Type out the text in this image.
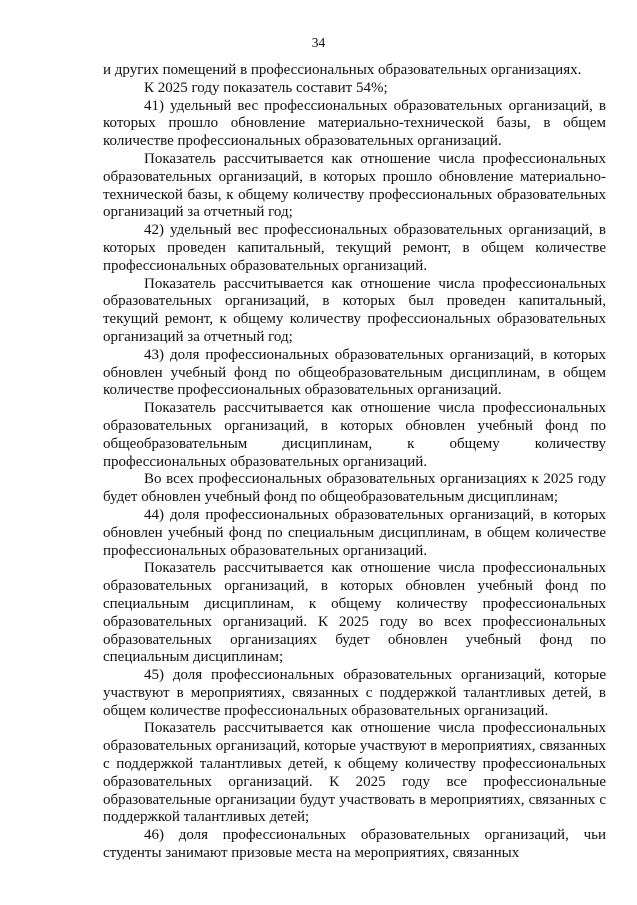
34

и других помещений в профессиональных образовательных организациях.

К 2025 году показатель составит 54%;

41) удельный вес профессиональных образовательных организаций, в которых прошло обновление материально-технической базы, в общем количестве профессиональных образовательных организаций.

Показатель рассчитывается как отношение числа профессиональных образовательных организаций, в которых прошло обновление материально-технической базы, к общему количеству профессиональных образовательных организаций за отчетный год;

42) удельный вес профессиональных образовательных организаций, в которых проведен капитальный, текущий ремонт, в общем количестве профессиональных образовательных организаций.

Показатель рассчитывается как отношение числа профессиональных образовательных организаций, в которых был проведен капитальный, текущий ремонт, к общему количеству профессиональных образовательных организаций за отчетный год;

43) доля профессиональных образовательных организаций, в которых обновлен учебный фонд по общеобразовательным дисциплинам, в общем количестве профессиональных образовательных организаций.

Показатель рассчитывается как отношение числа профессиональных образовательных организаций, в которых обновлен учебный фонд по общеобразовательным дисциплинам, к общему количеству профессиональных образовательных организаций.

Во всех профессиональных образовательных организациях к 2025 году будет обновлен учебный фонд по общеобразовательным дисциплинам;

44) доля профессиональных образовательных организаций, в которых обновлен учебный фонд по специальным дисциплинам, в общем количестве профессиональных образовательных организаций.

Показатель рассчитывается как отношение числа профессиональных образовательных организаций, в которых обновлен учебный фонд по специальным дисциплинам, к общему количеству профессиональных образовательных организаций. К 2025 году во всех профессиональных образовательных организациях будет обновлен учебный фонд по специальным дисциплинам;

45) доля профессиональных образовательных организаций, которые участвуют в мероприятиях, связанных с поддержкой талантливых детей, в общем количестве профессиональных образовательных организаций.

Показатель рассчитывается как отношение числа профессиональных образовательных организаций, которые участвуют в мероприятиях, связанных с поддержкой талантливых детей, к общему количеству профессиональных образовательных организаций. К 2025 году все профессиональные образовательные организации будут участвовать в мероприятиях, связанных с поддержкой талантливых детей;

46) доля профессиональных образовательных организаций, чьи студенты занимают призовые места на мероприятиях, связанных
